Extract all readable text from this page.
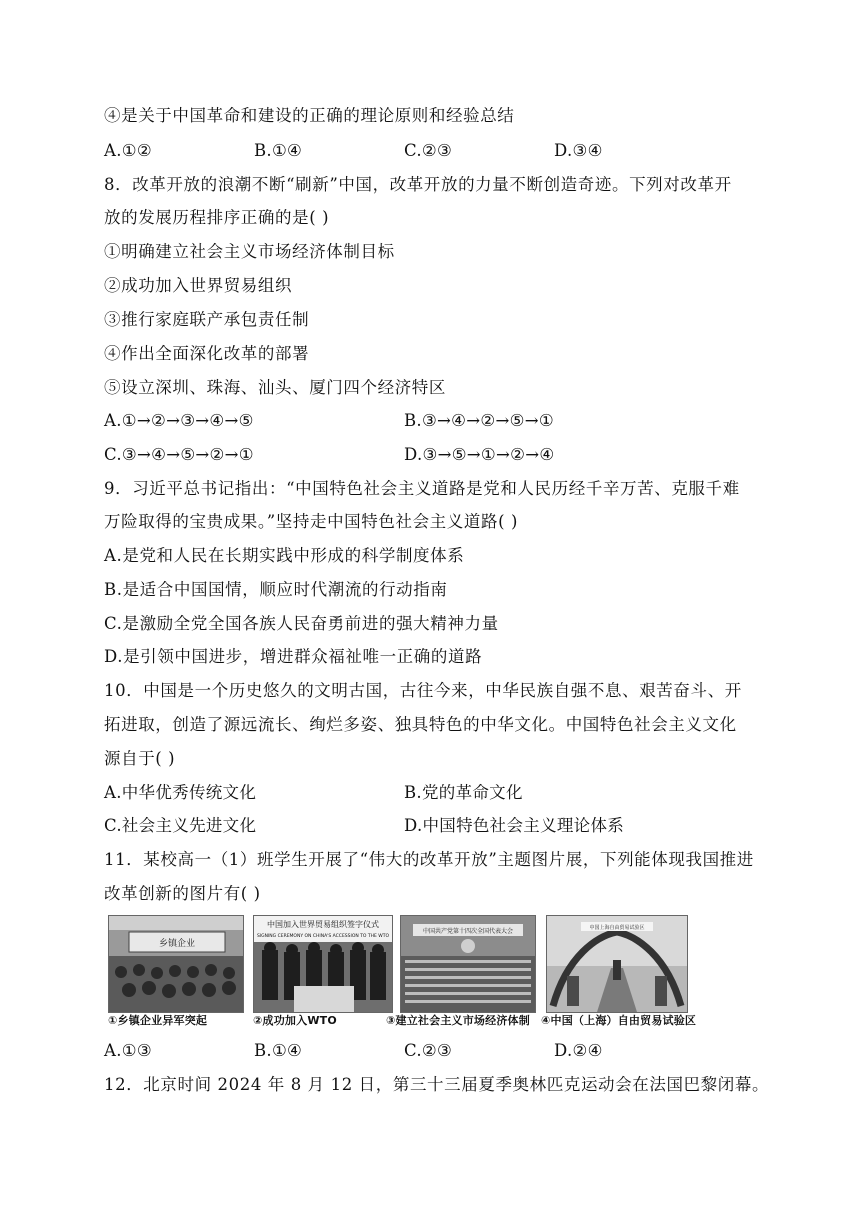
④是关于中国革命和建设的正确的理论原则和经验总结
A.①②	B.①④	C.②③	D.③④
8．改革开放的浪潮不断“刷新”中国，改革开放的力量不断创造奇迹。下列对改革开
放的发展历程排序正确的是( )
①明确建立社会主义市场经济体制目标
②成功加入世界贸易组织
③推行家庭联产承包责任制
④作出全面深化改革的部署
⑤设立深圳、珠海、汕头、厦门四个经济特区
A.①→②→③→④→⑤	B.③→④→②→⑤→①
C.③→④→⑤→②→①	D.③→⑤→①→②→④
9．习近平总书记指出：“中国特色社会主义道路是党和人民历经千辛万苦、克服千难
万险取得的宝贵成果。”坚持走中国特色社会主义道路( )
A.是党和人民在长期实践中形成的科学制度体系
B.是适合中国国情，顺应时代潮流的行动指南
C.是激励全党全国各族人民奋勇前进的强大精神力量
D.是引领中国进步，增进群众福祉唯一正确的道路
10．中国是一个历史悠久的文明古国，古往今来，中华民族自强不息、艰苦奋斗、开
拓进取，创造了源远流长、绚烂多姿、独具特色的中华文化。中国特色社会主义文化
源自于( )
A.中华优秀传统文化	B.党的革命文化
C.社会主义先进文化	D.中国特色社会主义理论体系
11．某校高一（1）班学生开展了“伟大的改革开放”主题图片展，下列能体现我国推进
改革创新的图片有( )
乡镇企业
①乡镇企业异军突起
中国加入世界贸易组织签字仪式
SIGNING CEREMONY ON CHINA'S ACCESSION TO THE WTO
②成功加入WTO
中国共产党第十四次全国代表大会
③建立社会主义市场经济体制
中国上海自由贸易试验区
④中国（上海）自由贸易试验区
A.①③	B.①④	C.②③	D.②④
12．北京时间 2024 年 8 月 12 日，第三十三届夏季奥林匹克运动会在法国巴黎闭幕。
